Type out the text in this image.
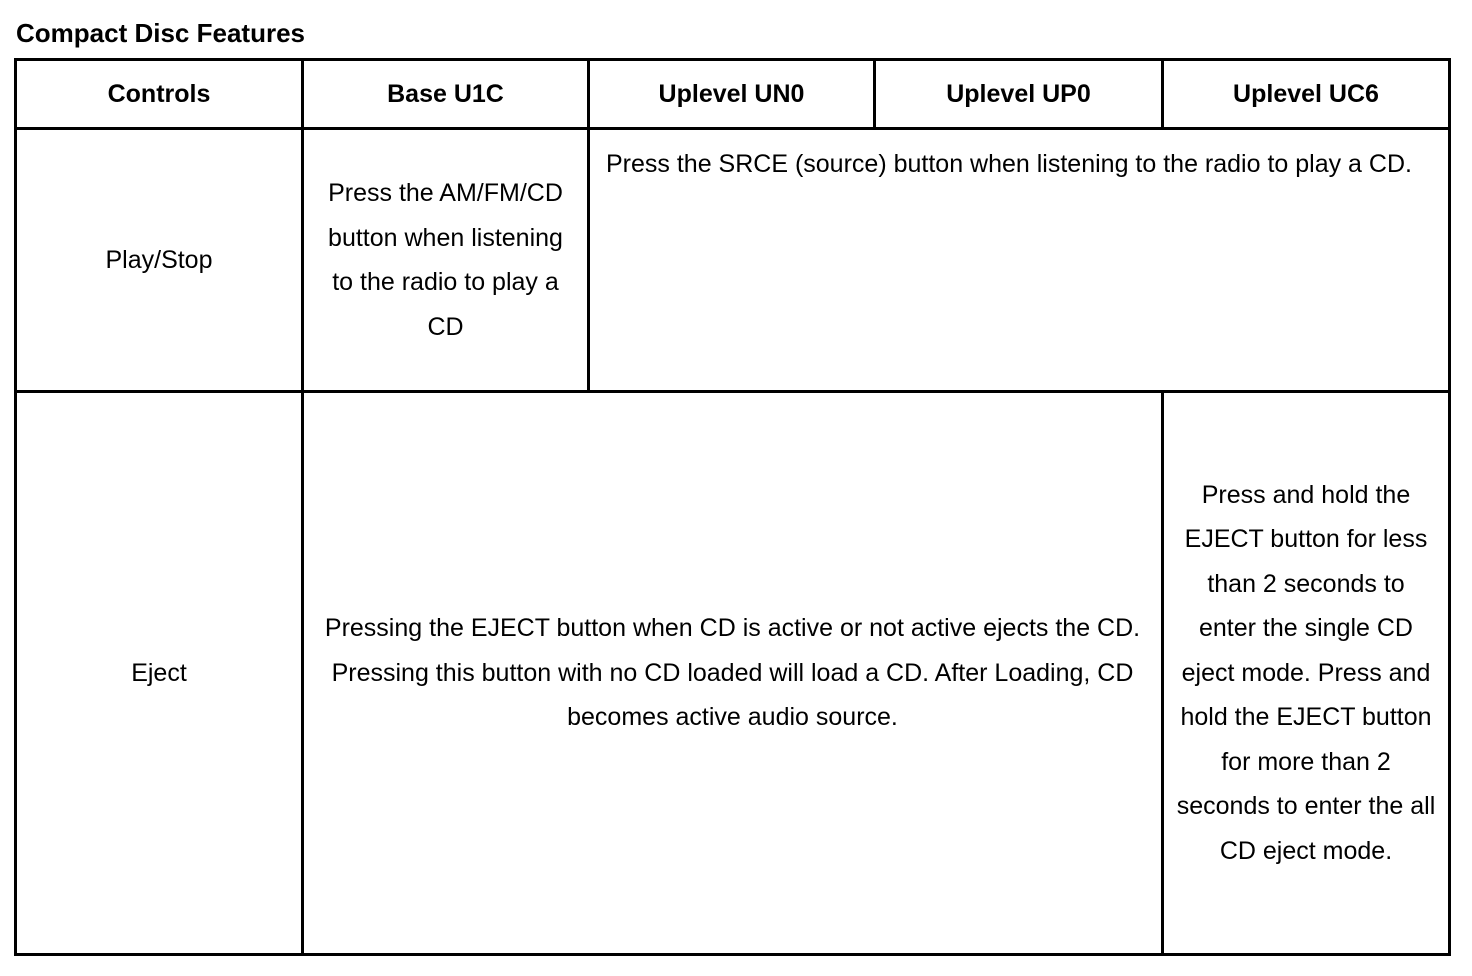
Compact Disc Features
Controls	Base U1C	Uplevel UN0	Uplevel UP0	Uplevel UC6
Play/Stop	Press the AM/FM/CD button when listening to the radio to play a CD	Press the SRCE (source) button when listening to the radio to play a CD.		
Eject	Pressing the EJECT button when CD is active or not active ejects the CD. Pressing this button with no CD loaded will load a CD. After Loading, CD becomes active audio source.			Press and hold the EJECT button for less than 2 seconds to enter the single CD eject mode. Press and hold the EJECT button for more than 2 seconds to enter the all CD eject mode.
